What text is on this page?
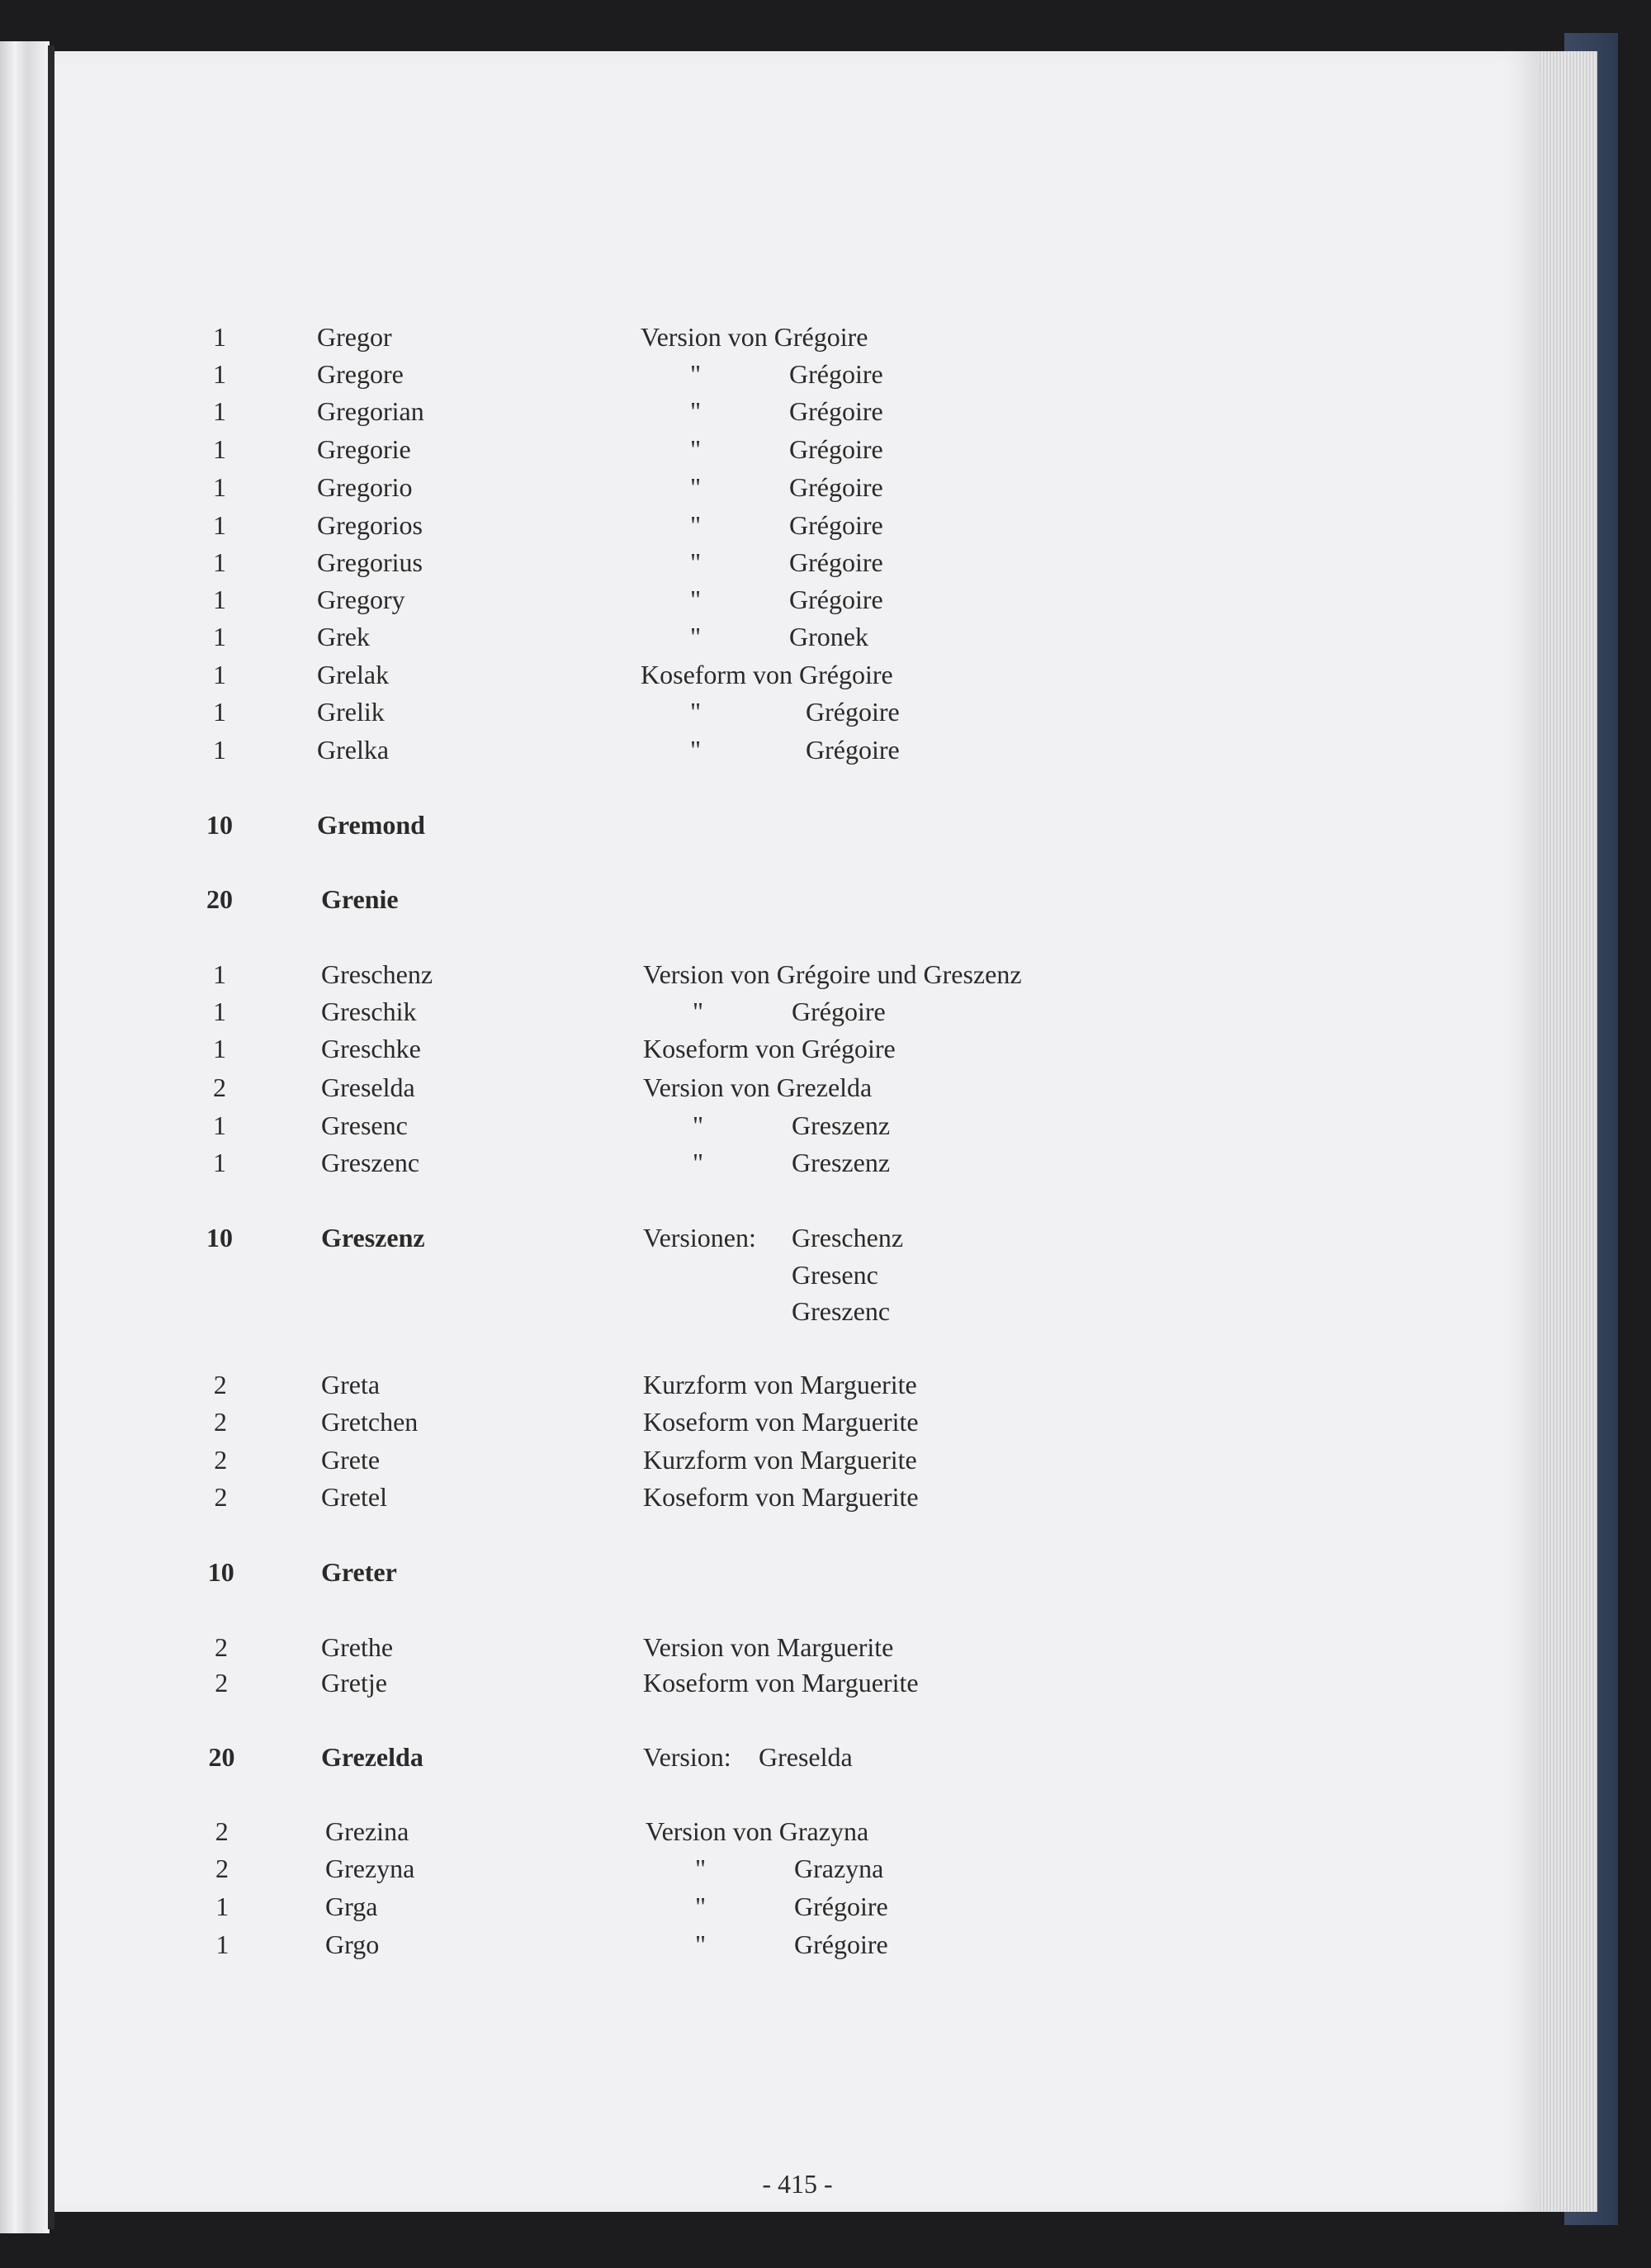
1	Gregor	Version von Grégoire
1	Gregore	"	Grégoire
1	Gregorian	"	Grégoire
1	Gregorie	"	Grégoire
1	Gregorio	"	Grégoire
1	Gregorios	"	Grégoire
1	Gregorius	"	Grégoire
1	Gregory	"	Grégoire
1	Grek	"	Gronek
1	Grelak	Koseform von Grégoire
1	Grelik	"	Grégoire
1	Grelka	"	Grégoire
10	Gremond
20	Grenie
1	Greschenz	Version von Grégoire und Greszenz
1	Greschik	"	Grégoire
1	Greschke	Koseform von Grégoire
2	Greselda	Version von Grezelda
1	Gresenc	"	Greszenz
1	Greszenc	"	Greszenz
10	Greszenz	Versionen: Greschenz
Gresenc
Greszenc
2	Greta	Kurzform von Marguerite
2	Gretchen	Koseform von Marguerite
2	Grete	Kurzform von Marguerite
2	Gretel	Koseform von Marguerite
10	Greter
2	Grethe	Version von Marguerite
2	Gretje	Koseform von Marguerite
20	Grezelda	Version: Greselda
2	Grezina	Version von Grazyna
2	Grezyna	"	Grazyna
1	Grga	"	Grégoire
1	Grgo	"	Grégoire
- 415 -
